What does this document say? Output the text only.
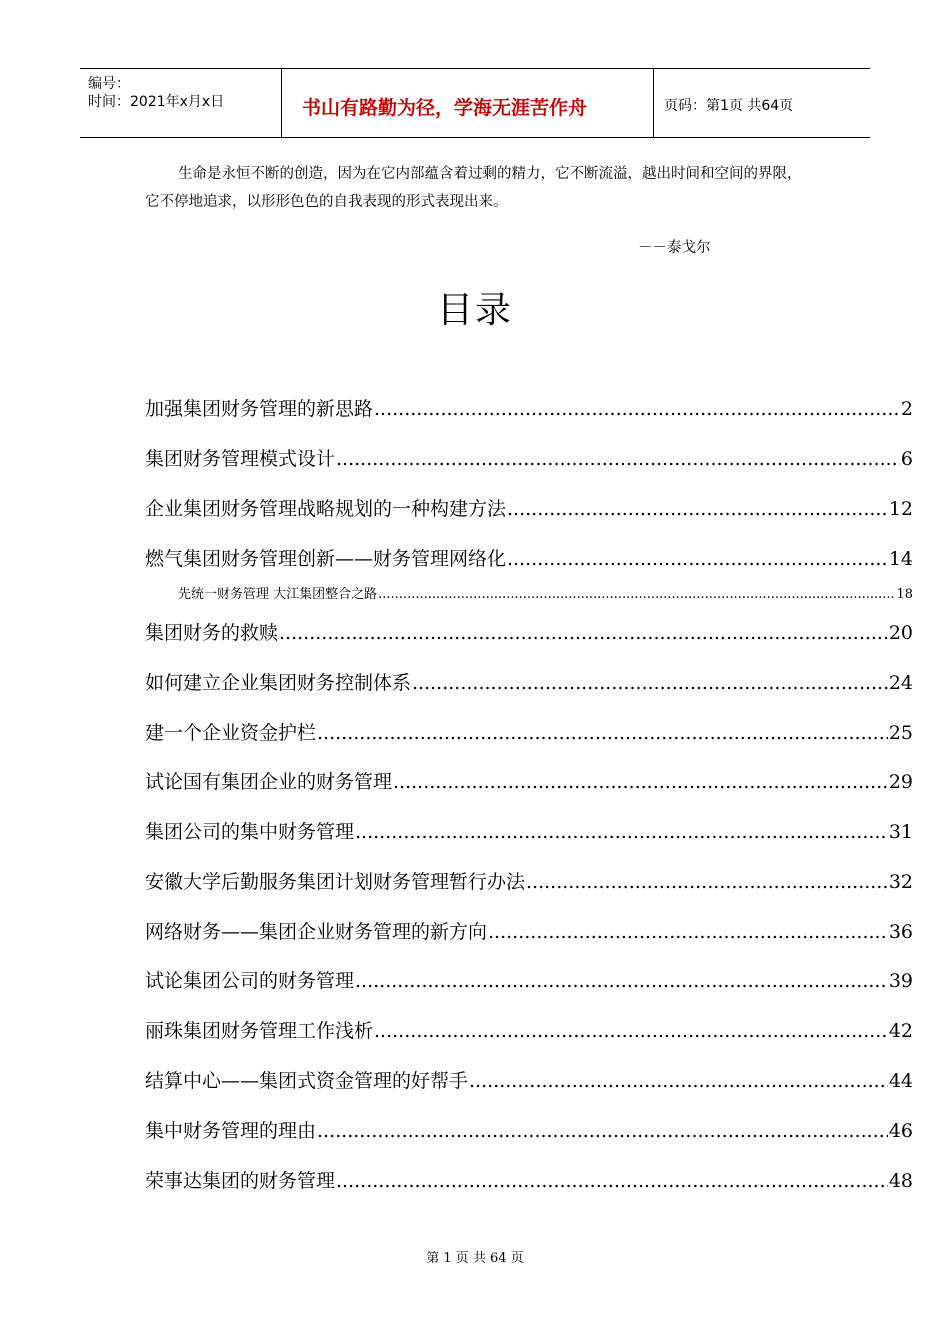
编号：
时间：2021年x月x日	书山有路勤为径，学海无涯苦作舟	页码：第1页 共64页
生命是永恒不断的创造，因为在它内部蕴含着过剩的精力，它不断流溢，越出时间和空间的界限，它不停地追求，以形形色色的自我表现的形式表现出来。
－－泰戈尔
目录
加强集团财务管理的新思路 .....	2
集团财务管理模式设计 .....	6
企业集团财务管理战略规划的一种构建方法 .....	12
燃气集团财务管理创新——财务管理网络化 .....	14
先统一财务管理 大江集团整合之路 .....	18
集团财务的救赎 .....	20
如何建立企业集团财务控制体系 .....	24
建一个企业资金护栏 .....	25
试论国有集团企业的财务管理 .....	29
集团公司的集中财务管理 .....	31
安徽大学后勤服务集团计划财务管理暂行办法 .....	32
网络财务——集团企业财务管理的新方向 .....	36
试论集团公司的财务管理 .....	39
丽珠集团财务管理工作浅析 .....	42
结算中心——集团式资金管理的好帮手 .....	44
集中财务管理的理由 .....	46
荣事达集团的财务管理 .....	48
第 1 页 共 64 页
